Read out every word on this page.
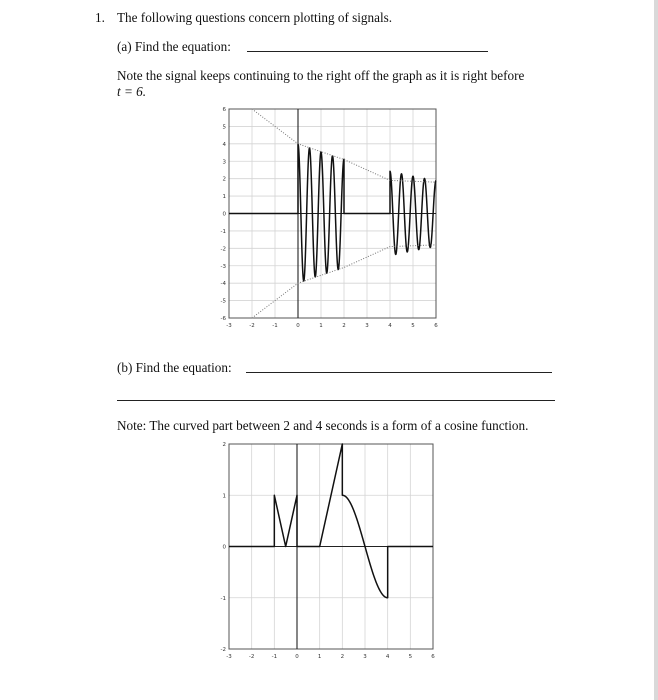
1. The following questions concern plotting of signals.
(a) Find the equation:
Note the signal keeps continuing to the right off the graph as it is right before
t = 6.
-3	-2	-1	0	1	2	3	4	5	6
-6
-5
-4
-3
-2
-1
0
1
2
3
4
5
6
(b) Find the equation:
Note: The curved part between 2 and 4 seconds is a form of a cosine function.
-3	-2	-1	0	1	2	3	4	5	6
-2
-1
0
1
2
